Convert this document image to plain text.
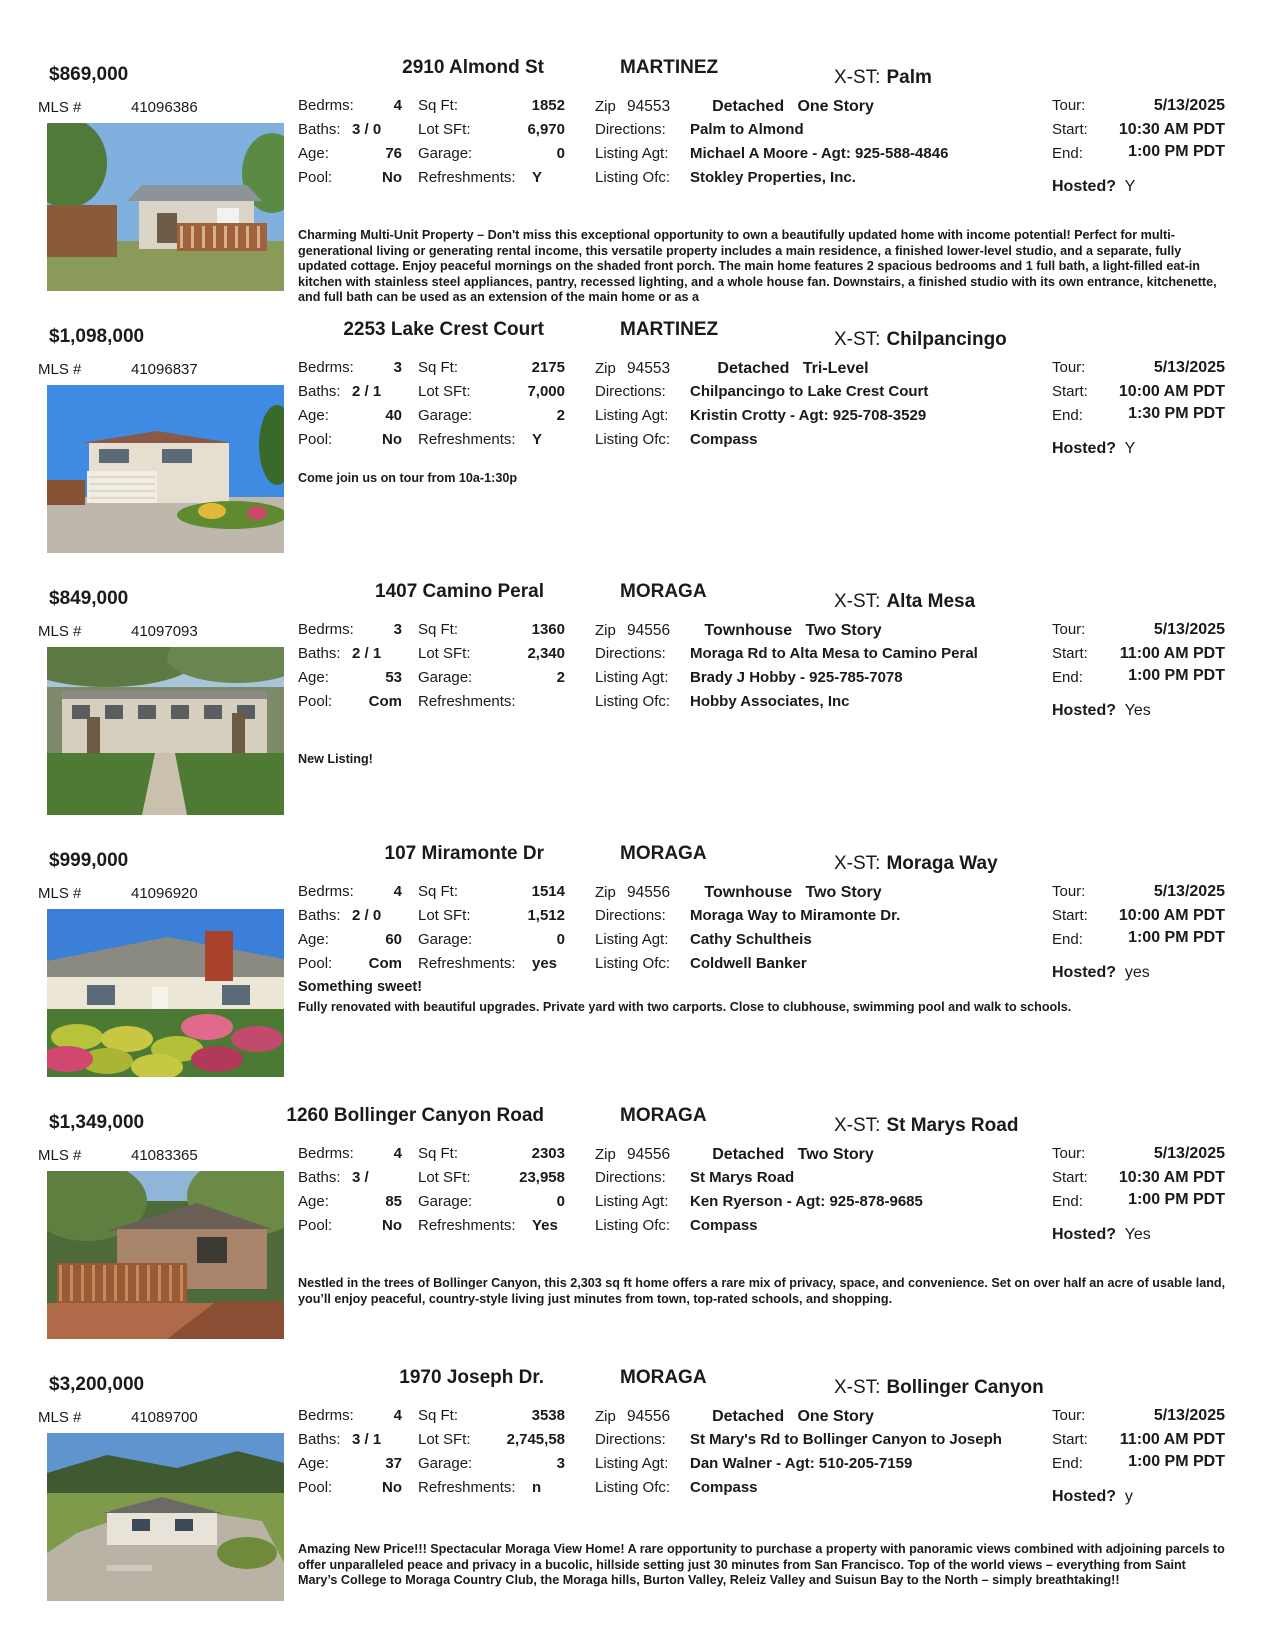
$869,000	2910 Almond St	MARTINEZ	X-ST: Palm
MLS #	41096386	Bedrms:	4 Sq Ft:	1852
Baths: 3 / 0 Lot SFt:	6,970
Age:	76 Garage:	0
Pool:	No Refreshments: Y
Zip 94553	Detached One Story
Directions: Palm to Almond
Listing Agt: Michael A Moore - Agt: 925-588-4846
Listing Ofc: Stokley Properties, Inc.
Tour:	5/13/2025
Start:	10:30 AM PDT
End:	1:00 PM PDT
Hosted? Y
Charming Multi-Unit Property – Don't miss this exceptional opportunity to own a beautifully updated home with income potential! Perfect for multi-generational living or generating rental income, this versatile property includes a main residence, a finished lower-level studio, and a separate, fully updated cottage. Enjoy peaceful mornings on the shaded front porch. The main home features 2 spacious bedrooms and 1 full bath, a light-filled eat-in kitchen with stainless steel appliances, pantry, recessed lighting, and a whole house fan. Downstairs, a finished studio with its own entrance, kitchenette, and full bath can be used as an extension of the main home or as a
$1,098,000	2253 Lake Crest Court	MARTINEZ	X-ST: Chilpancingo
MLS #	41096837	Bedrms:	3 Sq Ft:	2175
Baths: 2 / 1 Lot SFt:	7,000
Age:	40 Garage:	2
Pool:	No Refreshments: Y
Zip 94553	Detached Tri-Level
Directions: Chilpancingo to Lake Crest Court
Listing Agt: Kristin Crotty - Agt: 925-708-3529
Listing Ofc: Compass
Tour:	5/13/2025
Start:	10:00 AM PDT
End:	1:30 PM PDT
Hosted? Y
Come join us on tour from 10a-1:30p
$849,000	1407 Camino Peral	MORAGA	X-ST: Alta Mesa
MLS #	41097093	Bedrms:	3 Sq Ft:	1360
Baths: 2 / 1 Lot SFt:	2,340
Age:	53 Garage:	2
Pool:	Com Refreshments:
Zip 94556	Townhouse Two Story
Directions: Moraga Rd to Alta Mesa to Camino Peral
Listing Agt: Brady J Hobby - 925-785-7078
Listing Ofc: Hobby Associates, Inc
Tour:	5/13/2025
Start:	11:00 AM PDT
End:	1:00 PM PDT
Hosted? Yes
New Listing!
$999,000	107 Miramonte Dr	MORAGA	X-ST: Moraga Way
MLS #	41096920	Bedrms:	4 Sq Ft:	1514
Baths: 2 / 0 Lot SFt:	1,512
Age:	60 Garage:	0
Pool:	Com Refreshments: yes
Zip 94556	Townhouse Two Story
Directions: Moraga Way to Miramonte Dr.
Listing Agt: Cathy Schultheis
Listing Ofc: Coldwell Banker
Tour:	5/13/2025
Start:	10:00 AM PDT
End:	1:00 PM PDT
Hosted? yes
Something sweet!
Fully renovated with beautiful upgrades. Private yard with two carports. Close to clubhouse, swimming pool and walk to schools.
$1,349,000	1260 Bollinger Canyon Road	MORAGA	X-ST: St Marys Road
MLS #	41083365	Bedrms:	4 Sq Ft:	2303
Baths: 3 /	Lot SFt:	23,958
Age:	85 Garage:	0
Pool:	No Refreshments: Yes
Zip 94556	Detached Two Story
Directions: St Marys Road
Listing Agt: Ken Ryerson - Agt: 925-878-9685
Listing Ofc: Compass
Tour:	5/13/2025
Start:	10:30 AM PDT
End:	1:00 PM PDT
Hosted? Yes
Nestled in the trees of Bollinger Canyon, this 2,303 sq ft home offers a rare mix of privacy, space, and convenience. Set on over half an acre of usable land, you’ll enjoy peaceful, country-style living just minutes from town, top-rated schools, and shopping.
$3,200,000	1970 Joseph Dr.	MORAGA	X-ST: Bollinger Canyon
MLS #	41089700	Bedrms:	4 Sq Ft:	3538
Baths: 3 / 1 Lot SFt:	2,745,58
Age:	37 Garage:	3
Pool:	No Refreshments: n
Zip 94556	Detached One Story
Directions: St Mary's Rd to Bollinger Canyon to Joseph
Listing Agt: Dan Walner - Agt: 510-205-7159
Listing Ofc: Compass
Tour:	5/13/2025
Start:	11:00 AM PDT
End:	1:00 PM PDT
Hosted? y
Amazing New Price!!! Spectacular Moraga View Home! A rare opportunity to purchase a property with panoramic views combined with adjoining parcels to offer unparalleled peace and privacy in a bucolic, hillside setting just 30 minutes from San Francisco. Top of the world views – everything from Saint Mary’s College to Moraga Country Club, the Moraga hills, Burton Valley, Releiz Valley and Suisun Bay to the North – simply breathtaking!!
